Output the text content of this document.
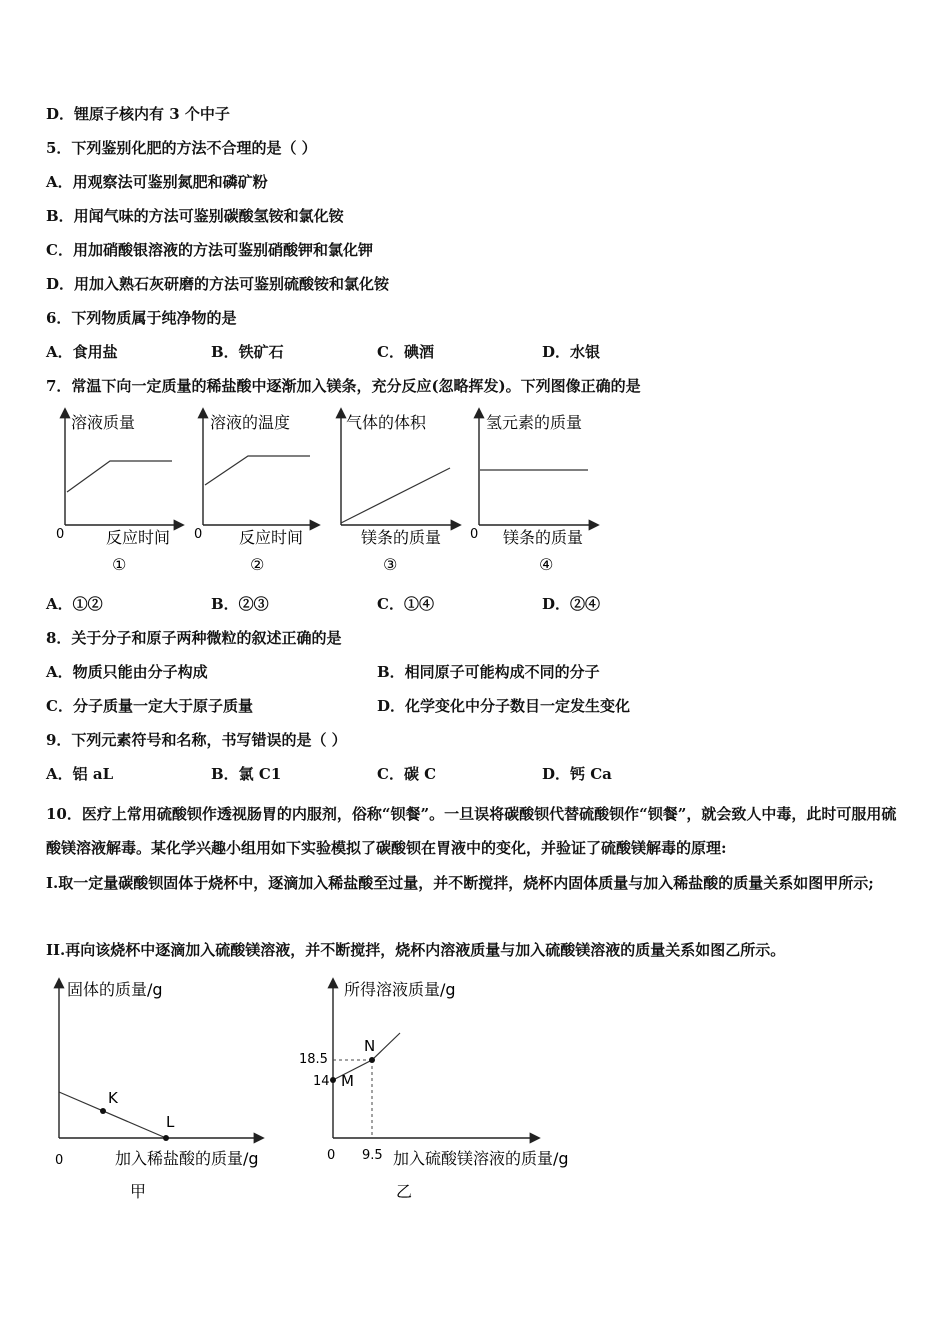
D．锂原子核内有 3 个中子
5．下列鉴别化肥的方法不合理的是（ ）
A．用观察法可鉴别氮肥和磷矿粉
B．用闻气味的方法可鉴别碳酸氢铵和氯化铵
C．用加硝酸银溶液的方法可鉴别硝酸钾和氯化钾
D．用加入熟石灰研磨的方法可鉴别硫酸铵和氯化铵
6．下列物质属于纯净物的是
A．食用盐	B．铁矿石	C．碘酒	D．水银
7．常温下向一定质量的稀盐酸中逐渐加入镁条，充分反应(忽略挥发)。下列图像正确的是
溶液质量
反应时间
0
①
溶液的温度
反应时间
0
②
气体的体积
镁条的质量
③
氢元素的质量
镁条的质量
0
④
A．①②	B．②③	C．①④	D．②④
8．关于分子和原子两种微粒的叙述正确的是
A．物质只能由分子构成	B．相同原子可能构成不同的分子
C．分子质量一定大于原子质量	D．化学变化中分子数目一定发生变化
9．下列元素符号和名称，书写错误的是（ ）
A．铝 aL	B．氯 C1	C．碳 C	D．钙 Ca
10．医疗上常用硫酸钡作透视肠胃的内服剂，俗称“钡餐”。一旦误将碳酸钡代替硫酸钡作“钡餐”，就会致人中毒，此时可服用硫酸镁溶液解毒。某化学兴趣小组用如下实验模拟了碳酸钡在胃液中的变化，并验证了硫酸镁解毒的原理:
I.取一定量碳酸钡固体于烧杯中，逐滴加入稀盐酸至过量，并不断搅拌，烧杯内固体质量与加入稀盐酸的质量关系如图甲所示;
II.再向该烧杯中逐滴加入硫酸镁溶液，并不断搅拌，烧杯内溶液质量与加入硫酸镁溶液的质量关系如图乙所示。
K
L
固体的质量/g
加入稀盐酸的质量/g
0
甲
M
N
18.5
14
9.5
所得溶液质量/g
加入硫酸镁溶液的质量/g
0
乙
